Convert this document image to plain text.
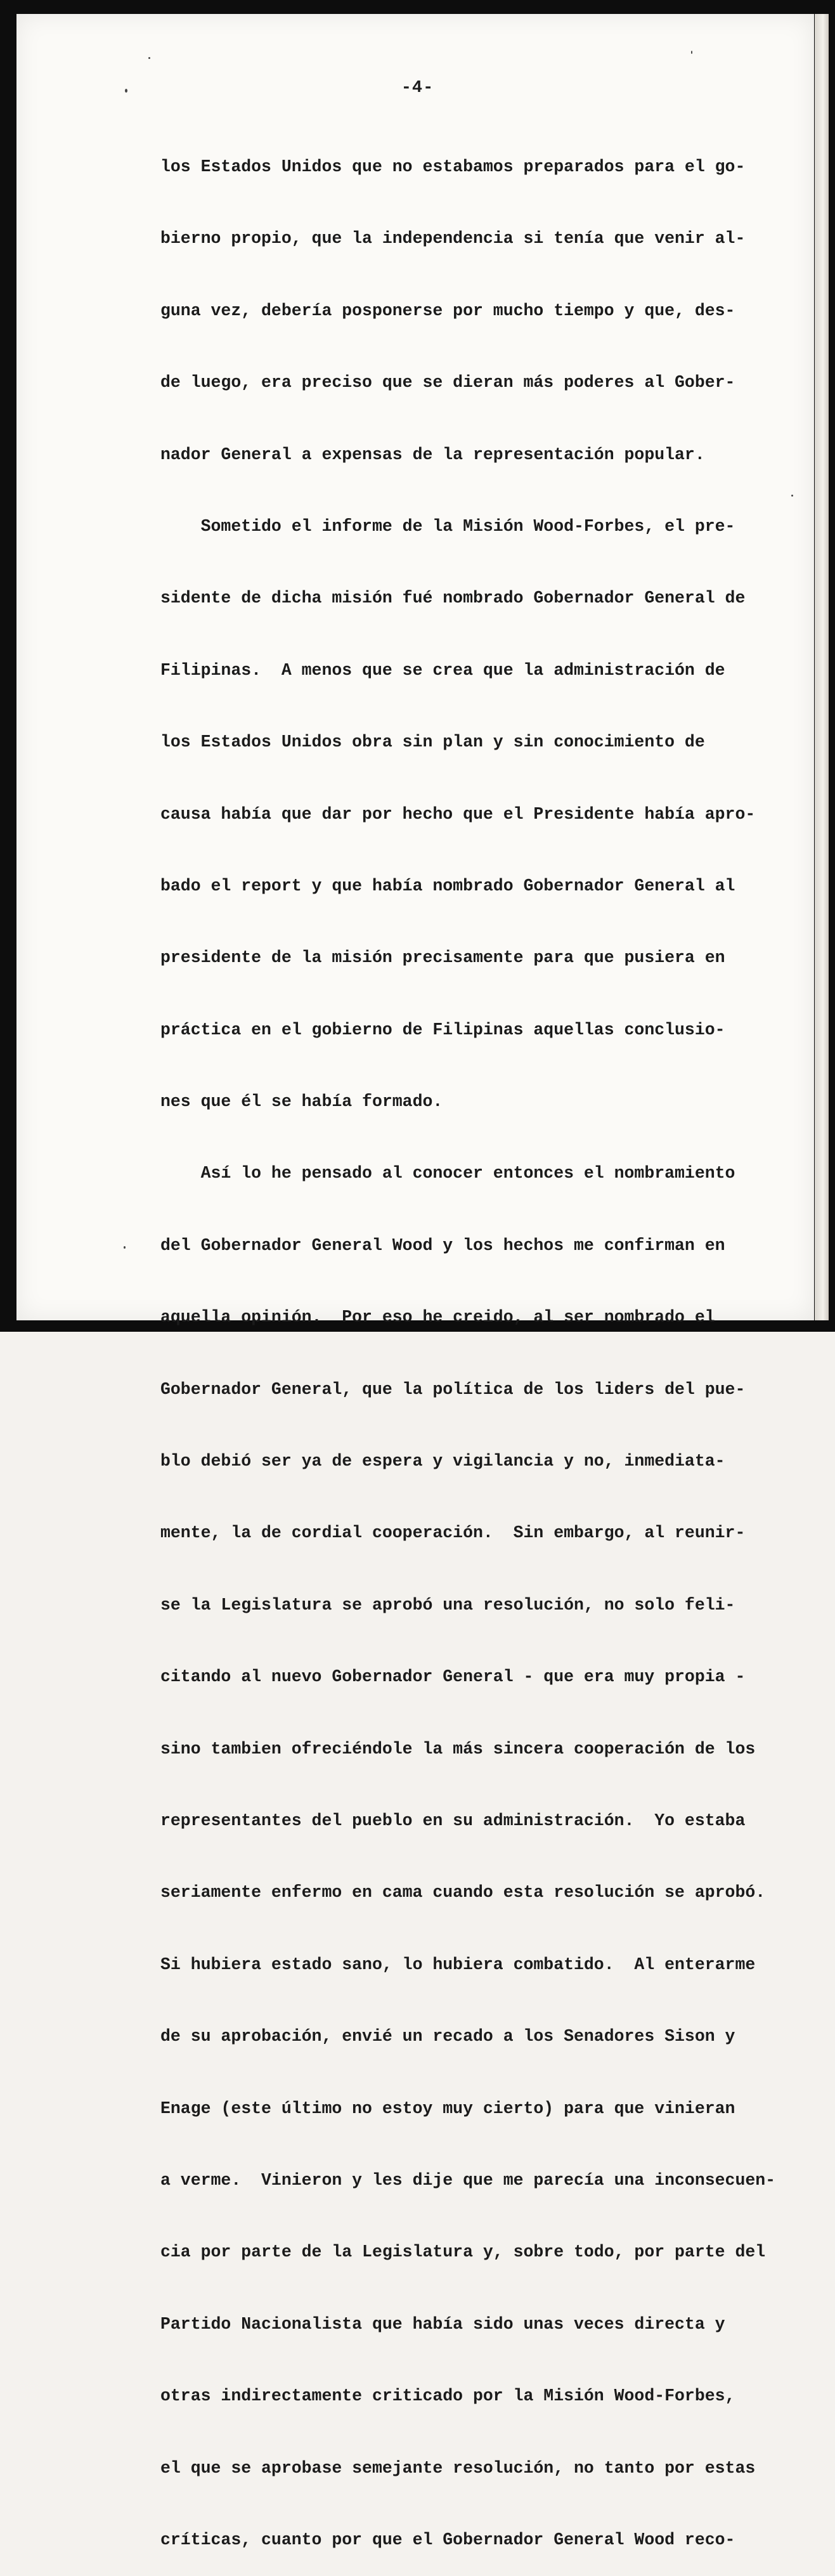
-4-

los Estados Unidos que no estabamos preparados para el go-

bierno propio, que la independencia si tenía que venir al-

guna vez, debería posponerse por mucho tiempo y que, des-

de luego, era preciso que se dieran más poderes al Gober-

nador General a expensas de la representación popular.

Sometido el informe de la Misión Wood-Forbes, el pre-

sidente de dicha misión fué nombrado Gobernador General de

Filipinas.  A menos que se crea que la administración de

los Estados Unidos obra sin plan y sin conocimiento de

causa había que dar por hecho que el Presidente había apro-

bado el report y que había nombrado Gobernador General al

presidente de la misión precisamente para que pusiera en

práctica en el gobierno de Filipinas aquellas conclusio-

nes que él se había formado.

Así lo he pensado al conocer entonces el nombramiento

del Gobernador General Wood y los hechos me confirman en

aquella opinión.  Por eso he creido, al ser nombrado el

Gobernador General, que la política de los liders del pue-

blo debió ser ya de espera y vigilancia y no, inmediata-

mente, la de cordial cooperación.  Sin embargo, al reunir-

se la Legislatura se aprobó una resolución, no solo feli-

citando al nuevo Gobernador General - que era muy propia -

sino tambien ofreciéndole la más sincera cooperación de los

representantes del pueblo en su administración.  Yo estaba

seriamente enfermo en cama cuando esta resolución se aprobó.

Si hubiera estado sano, lo hubiera combatido.  Al enterarme

de su aprobación, envié un recado a los Senadores Sison y

Enage (este último no estoy muy cierto) para que vinieran

a verme.  Vinieron y les dije que me parecía una inconsecuen-

cia por parte de la Legislatura y, sobre todo, por parte del

Partido Nacionalista que había sido unas veces directa y

otras indirectamente criticado por la Misión Wood-Forbes,

el que se aprobase semejante resolución, no tanto por estas

críticas, cuanto por que el Gobernador General Wood reco-
